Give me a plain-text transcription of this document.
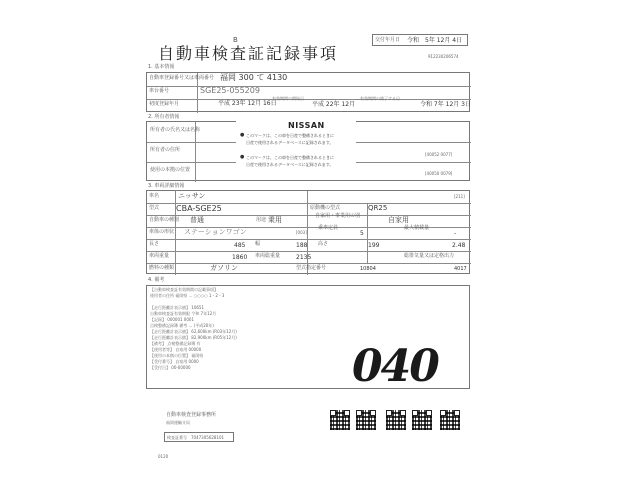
B
自動車検査証記録事項
交付年月日 令和 5年 12月 4日
912230206574
1. 基本情報
自動車登録番号又は車両番号 福岡 300 て 4130
車台番号	SGE25-055209
初度登録年月	平成 23年 12月 16日
有効期間の開始日
平成 22年 12月
有効期間の満了する日
令和 7年 12月 3日
2. 所有者情報
所有者の氏名又は名称
所有者の住所
使用の本拠の位置
[40052 0077]
[40050 0079]
NISSAN
● このマークは、この車を日産で整備されるときに
日産で使用されるデータベースに記録されます。
● このマークは、この車を日産で整備されるときに
日産で使用されるデータベースに記録されます。
3. 車両詳細情報
車名	ニッサン	[211]
型式 CBA-SGE25	原動機の型式	QR25
自動車の種別 普通	用途 乗用	自家用・事業用の別	自家用
車体の形状 ステーションワゴン	[003]
乗車定員
5
最大積載量
-
長さ	485 幅	188 高さ	199	2.48
車両重量	1860 車両総重量	2135	総排気量又は定格出力
燃料の種類	ガソリン	型式指定番号	10804	4017
4. 備考
【自動車検査証有効期間の記載事項】
使用者の住所 福岡県 ... ○○○○ 1 - 2 - 3
【走行距離計表示値】 10651
自動車検査証有効期限 令和 7年12月
【記録】 000001 0001
点検整備記録簿 備考 ... (平成20年)
【走行距離計表示値】 62,600km (R03年12月)
【走行距離計表示値】 82,900km (R05年12月)
【備考】 点検整備記録簿 有
【使用者等】 自家用 00000
【使用の本拠の位置】 福岡県
【受付番号】 自家用 0000
【受付日】 00-00000	040
自動車検査登録事務所
福岡運輸支局
検査証番号 7047305628101
0120
